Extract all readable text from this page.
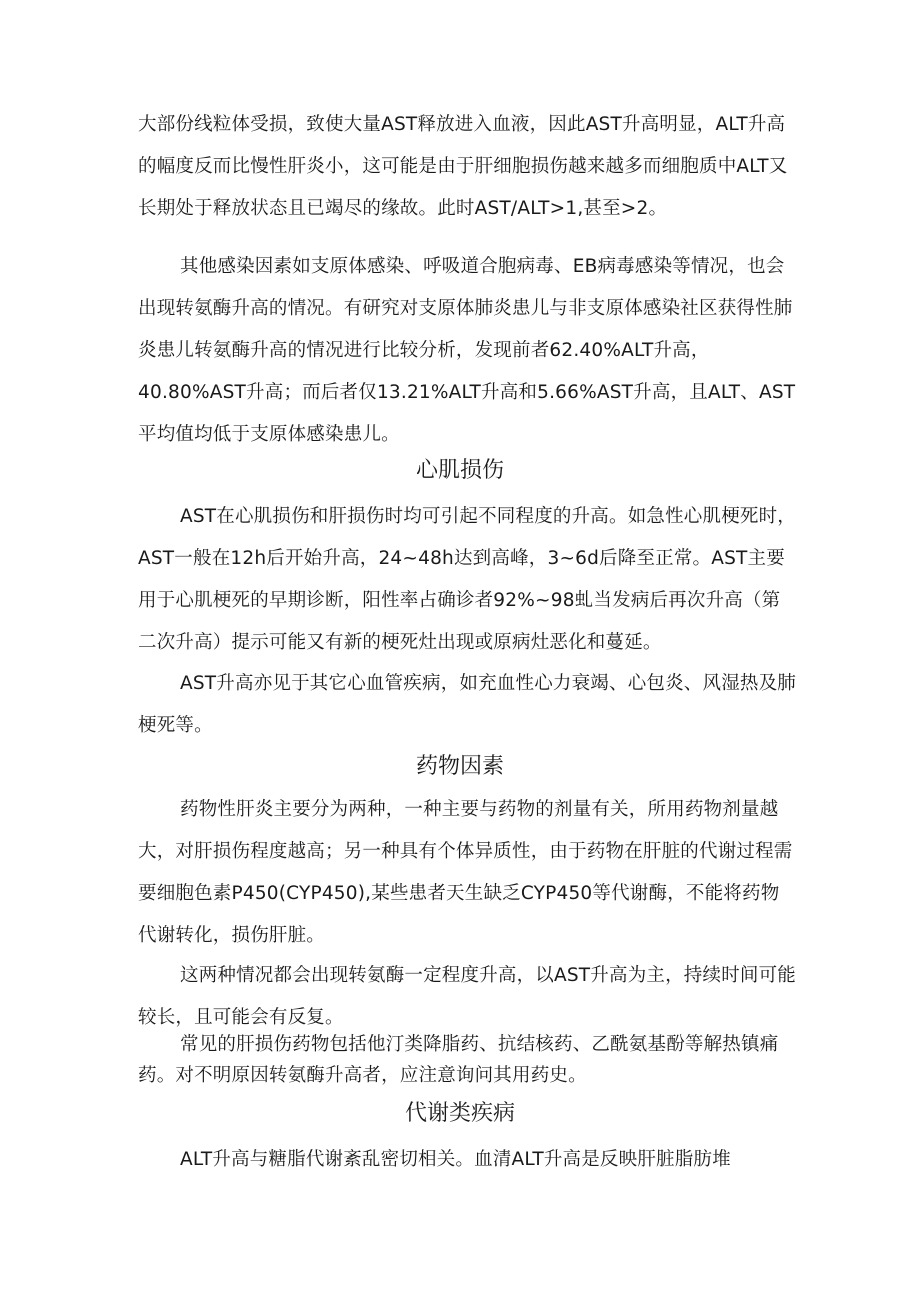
大部份线粒体受损，致使大量AST释放进入血液，因此AST升高明显，ALT升高的幅度反而比慢性肝炎小，这可能是由于肝细胞损伤越来越多而细胞质中ALT又长期处于释放状态且已竭尽的缘故。此时AST/ALT>1,甚至>2。

其他感染因素如支原体感染、呼吸道合胞病毒、EB病毒感染等情况，也会出现转氨酶升高的情况。有研究对支原体肺炎患儿与非支原体感染社区获得性肺炎患儿转氨酶升高的情况进行比较分析，发现前者62.40%ALT升高，40.80%AST升高；而后者仅13.21%ALT升高和5.66%AST升高，且ALT、AST平均值均低于支原体感染患儿。

心肌损伤

AST在心肌损伤和肝损伤时均可引起不同程度的升高。如急性心肌梗死时，AST一般在12h后开始升高，24~48h达到高峰，3~6d后降至正常。AST主要用于心肌梗死的早期诊断，阳性率占确诊者92%~98虬当发病后再次升高（第二次升高）提示可能又有新的梗死灶出现或原病灶恶化和蔓延。

AST升高亦见于其它心血管疾病，如充血性心力衰竭、心包炎、风湿热及肺梗死等。

药物因素

药物性肝炎主要分为两种，一种主要与药物的剂量有关，所用药物剂量越大，对肝损伤程度越高；另一种具有个体异质性，由于药物在肝脏的代谢过程需要细胞色素P450(CYP450),某些患者天生缺乏CYP450等代谢酶，不能将药物代谢转化，损伤肝脏。

这两种情况都会出现转氨酶一定程度升高，以AST升高为主，持续时间可能较长，且可能会有反复。

常见的肝损伤药物包括他汀类降脂药、抗结核药、乙酰氨基酚等解热镇痛药。对不明原因转氨酶升高者，应注意询问其用药史。

代谢类疾病

ALT升高与糖脂代谢紊乱密切相关。血清ALT升高是反映肝脏脂肪堆
